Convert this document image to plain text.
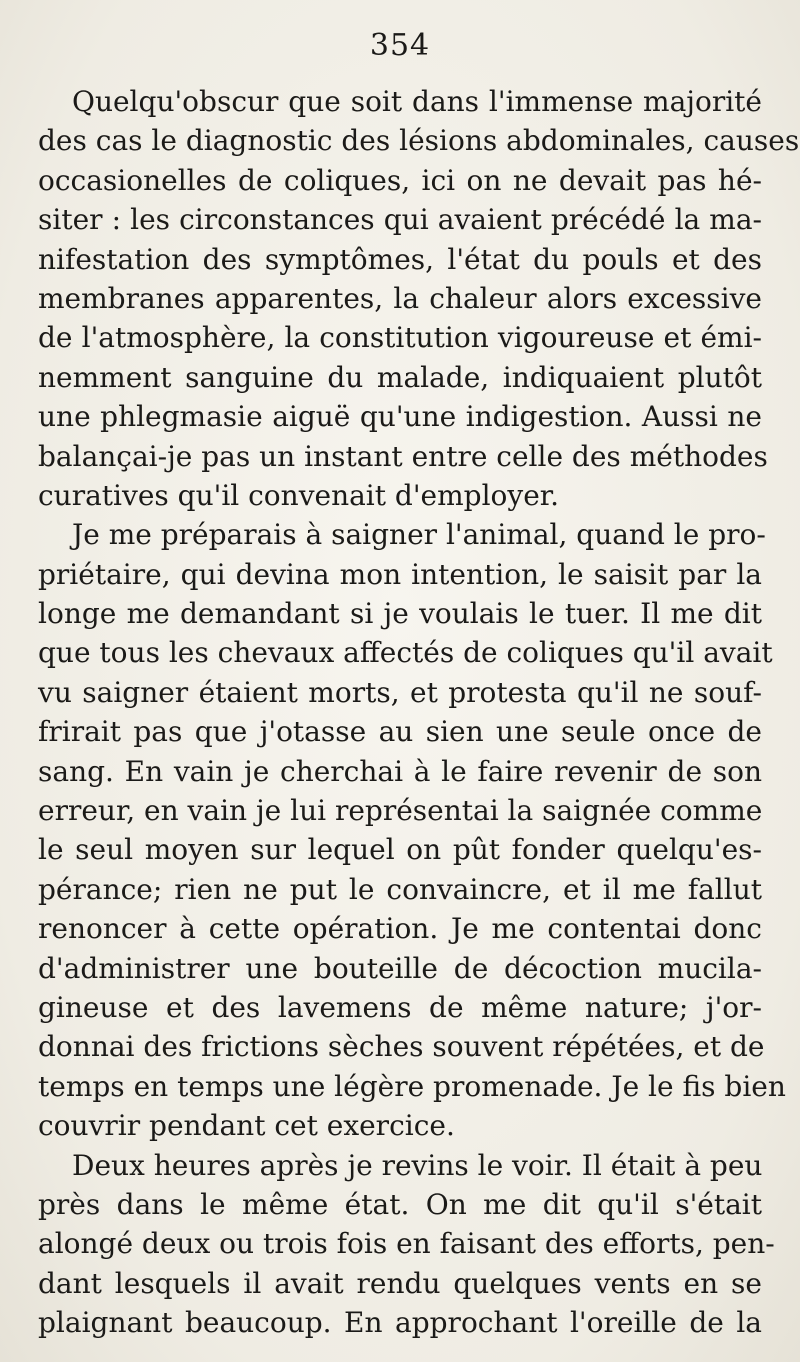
354
Quelqu'obscur que soit dans l'immense majorité
des cas le diagnostic des lésions abdominales, causes
occasionelles de coliques, ici on ne devait pas hé-
siter : les circonstances qui avaient précédé la ma-
nifestation des symptômes, l'état du pouls et des
membranes apparentes, la chaleur alors excessive
de l'atmosphère, la constitution vigoureuse et émi-
nemment sanguine du malade, indiquaient plutôt
une phlegmasie aiguë qu'une indigestion. Aussi ne
balançai-je pas un instant entre celle des méthodes
curatives qu'il convenait d'employer.
Je me préparais à saigner l'animal, quand le pro-
priétaire, qui devina mon intention, le saisit par la
longe me demandant si je voulais le tuer. Il me dit
que tous les chevaux affectés de coliques qu'il avait
vu saigner étaient morts, et protesta qu'il ne souf-
frirait pas que j'otasse au sien une seule once de
sang. En vain je cherchai à le faire revenir de son
erreur, en vain je lui représentai la saignée comme
le seul moyen sur lequel on pût fonder quelqu'es-
pérance; rien ne put le convaincre, et il me fallut
renoncer à cette opération. Je me contentai donc
d'administrer une bouteille de décoction mucila-
gineuse et des lavemens de même nature; j'or-
donnai des frictions sèches souvent répétées, et de
temps en temps une légère promenade. Je le fis bien
couvrir pendant cet exercice.
Deux heures après je revins le voir. Il était à peu
près dans le même état. On me dit qu'il s'était
alongé deux ou trois fois en faisant des efforts, pen-
dant lesquels il avait rendu quelques vents en se
plaignant beaucoup. En approchant l'oreille de la
